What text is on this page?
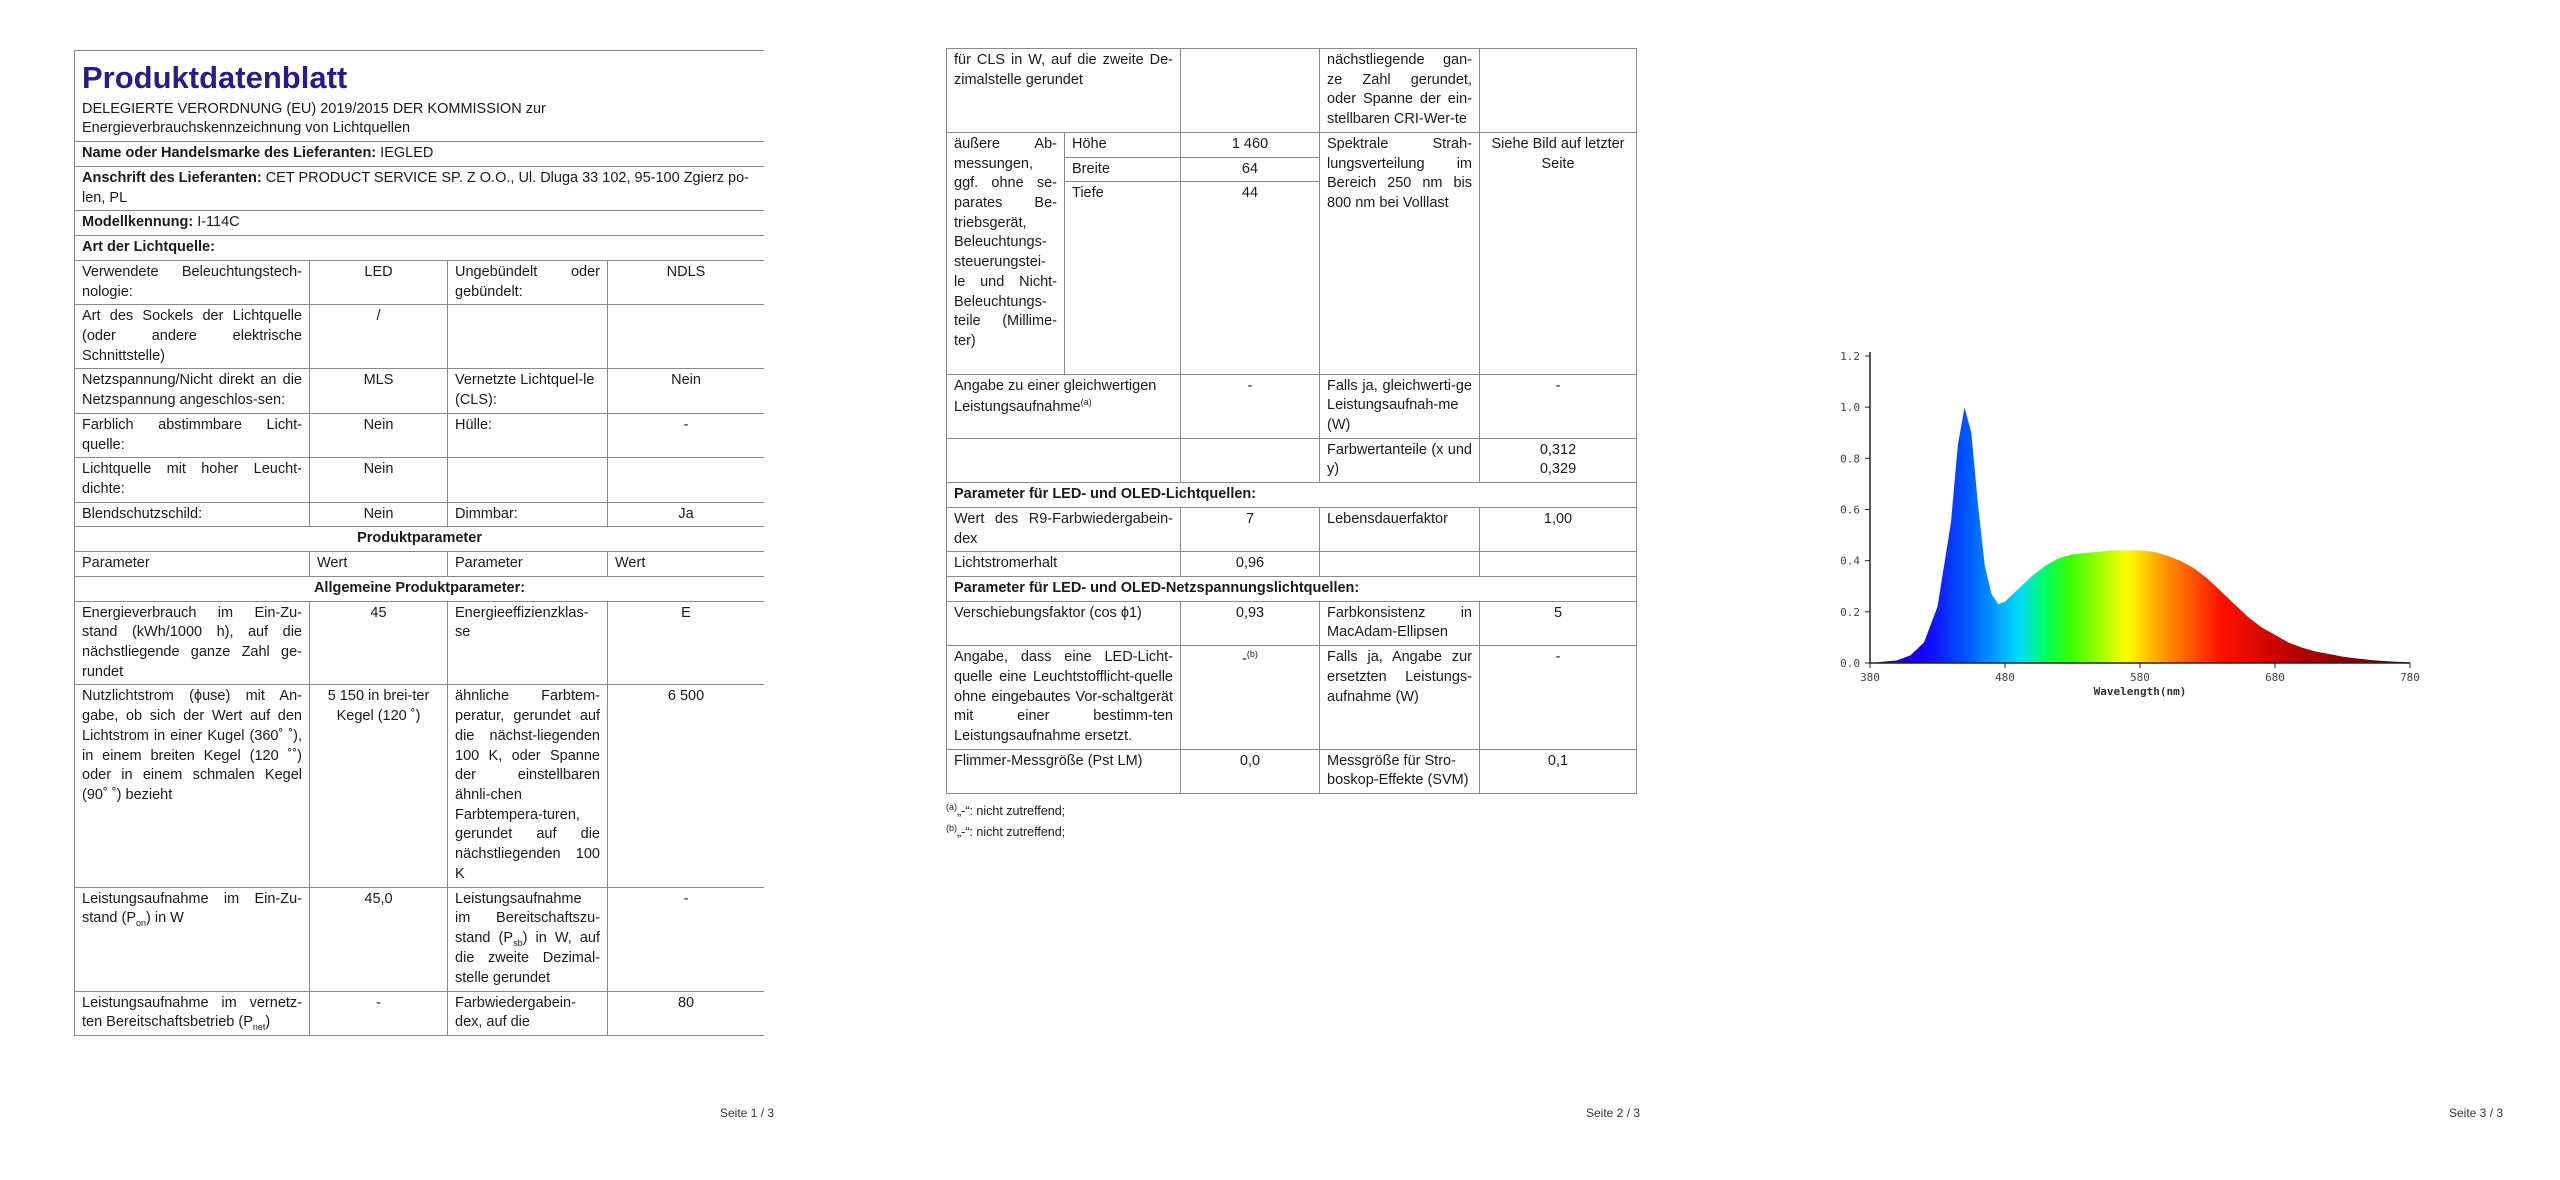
Produktdatenblatt
DELEGIERTE VERORDNUNG (EU) 2019/2015 DER KOMMISSION zur Energieverbrauchskennzeichnung von Lichtquellen			

Name oder Handelsmarke des Lieferanten: IEGLED			
Anschrift des Lieferanten: CET PRODUCT SERVICE SP. Z O.O., Ul. Dluga 33 102, 95-100 Zgierz po-len, PL			
Modellkennung: I-114C			
Art der Lichtquelle:			
Verwendete Beleuchtungstech-nologie:	LED	Ungebündelt oder gebündelt:	NDLS
Art des Sockels der Lichtquelle (oder andere elektrische Schnittstelle)	/		
Netzspannung/Nicht direkt an die Netzspannung angeschlos-sen:	MLS	Vernetzte Lichtquel-le (CLS):	Nein
Farblich abstimmbare Licht-quelle:	Nein	Hülle:	-
Lichtquelle mit hoher Leucht-dichte:	Nein		
Blendschutzschild:	Nein	Dimmbar:	Ja
Produktparameter			
Parameter	Wert	Parameter	Wert
Allgemeine Produktparameter:			
Energieverbrauch im Ein-Zu-stand (kWh/1000 h), auf die nächstliegende ganze Zahl ge-rundet	45	Energieeffizienzklas-se	E
Nutzlichtstrom (ϕuse) mit An-gabe, ob sich der Wert auf den Lichtstrom in einer Kugel (360˚ ˚), in einem breiten Kegel (120 ˚˚) oder in einem schmalen Kegel (90˚ ˚) bezieht	5 150 in brei-ter Kegel (120 ˚)	ähnliche Farbtem-peratur, gerundet auf die nächst-liegenden 100 K, oder Spanne der einstellbaren ähnli-chen Farbtempera-turen, gerundet auf die nächstliegenden 100 K	6 500
Leistungsaufnahme im Ein-Zu-stand $(P_{on})$ in W	45,0	Leistungsaufnahme im Bereitschaftszu-stand $(P_{sb})$ in W, auf die zweite Dezimal-stelle gerundet	-
Leistungsaufnahme im vernetz-ten Bereitschaftsbetrieb $(P_{net})$	-	Farbwiedergabein-dex, auf die	80
Seite 1 / 3
für CLS in W, auf die zweite De-zimalstelle gerundet			nächstliegende gan-ze Zahl gerundet, oder Spanne der ein-stellbaren CRI-Wer-te	
äußere Ab-messungen, ggf. ohne se-parates Be-triebsgerät, Beleuchtungs-steuerungstei-le und Nicht-Beleuchtungs-teile (Millime-ter)	Höhe	1 460	Spektrale Strah-lungsverteilung im Bereich 250 nm bis 800 nm bei Volllast	Siehe Bild auf letzter Seite
	Breite	64		
	Tiefe	44		

Angabe zu einer gleichwertigen Leistungsaufnahme$^{(a)}$		-	Falls ja, gleichwerti-ge Leistungsaufnah-me (W)	-
			Farbwertanteile (x und y)	0,312
0,329

Parameter für LED- und OLED-Lichtquellen:				
Wert des R9-Farbwiedergabein-dex		7	Lebensdauerfaktor	1,00
Lichtstromerhalt		0,96		
Parameter für LED- und OLED-Netzspannungslichtquellen:				
Verschiebungsfaktor (cos ϕ1)		0,93	Farbkonsistenz in MacAdam-Ellipsen	5
Angabe, dass eine LED-Licht-quelle eine Leuchtstofflicht-quelle ohne eingebautes Vor-schaltgerät mit einer bestimm-ten Leistungsaufnahme ersetzt.		-$^{(b)}$	Falls ja, Angabe zur ersetzten Leistungs-aufnahme (W)	-
Flimmer-Messgröße (Pst LM)		0,0	Messgröße für Stro-boskop-Effekte (SVM)	0,1
$^{(a)}$„-“: nicht zutreffend;
$^{(b)}$„-“: nicht zutreffend;
Seite 2 / 3
0.0
0.2
0.4
0.6
0.8
1.0
1.2
380	480	580	680	780
Wavelength(nm)
Seite 3 / 3
